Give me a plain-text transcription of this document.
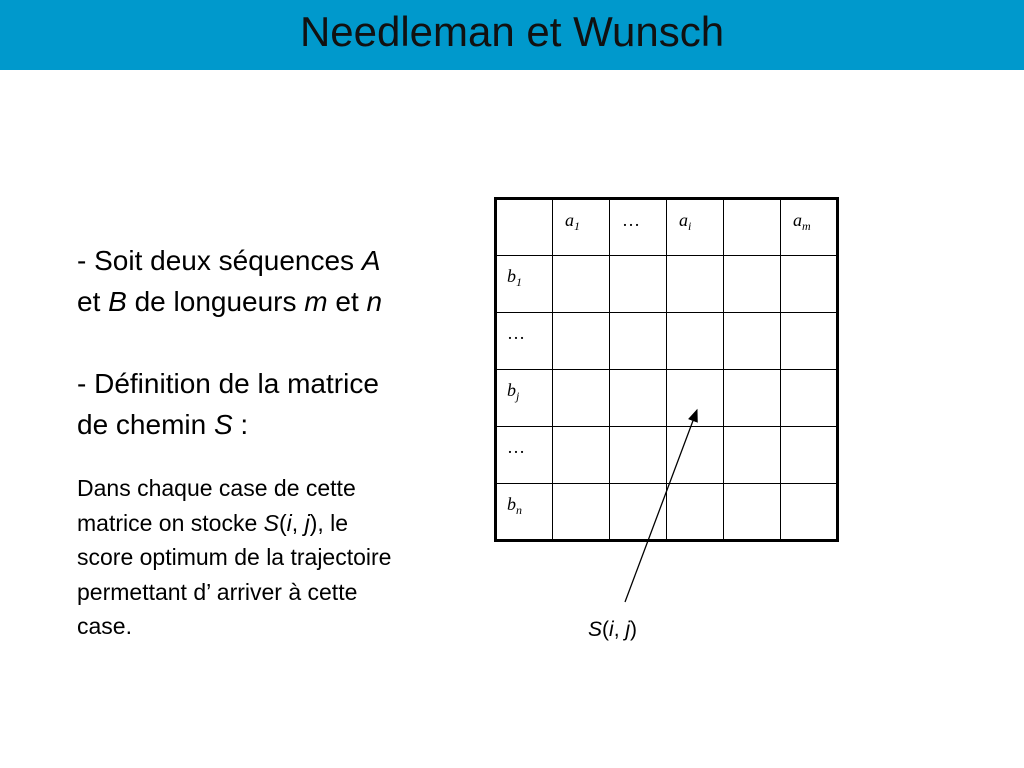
Needleman et Wunsch

- Soit deux séquences A
et B de longueurs m et n

- Définition de la matrice
de chemin S :

Dans chaque case de cette
matrice on stocke S(i, j), le
score optimum de la trajectoire
permettant d’ arriver à cette
case.

	$a_1$	…	$a_i$		$a_m$

$b_1$

…					

$b_j$

…					

$b_n$

S(i, j)
